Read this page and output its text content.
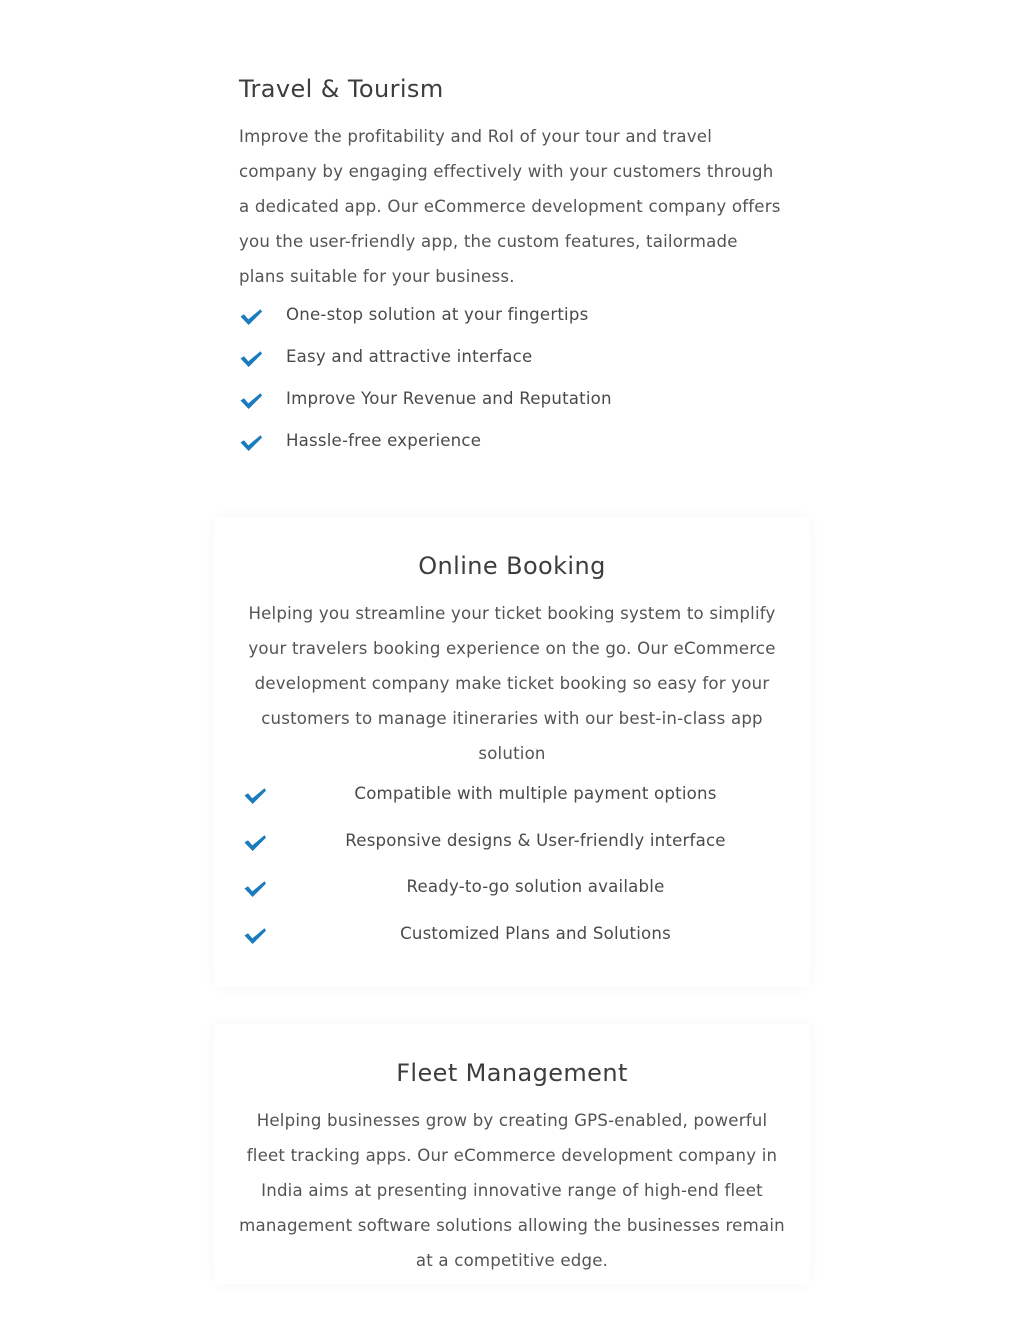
Travel & Tourism

Improve the profitability and RoI of your tour and travel company by engaging effectively with your customers through a dedicated app. Our eCommerce development company offers you the user-friendly app, the custom features, tailormade plans suitable for your business.

One-stop solution at your fingertips
Easy and attractive interface
Improve Your Revenue and Reputation
Hassle-free experience
Online Booking

Helping you streamline your ticket booking system to simplify your travelers booking experience on the go. Our eCommerce development company make ticket booking so easy for your customers to manage itineraries with our best-in-class app solution

Compatible with multiple payment options
Responsive designs & User-friendly interface
Ready-to-go solution available
Customized Plans and Solutions
Fleet Management

Helping businesses grow by creating GPS-enabled, powerful fleet tracking apps. Our eCommerce development company in India aims at presenting innovative range of high-end fleet management software solutions allowing the businesses remain at a competitive edge.
